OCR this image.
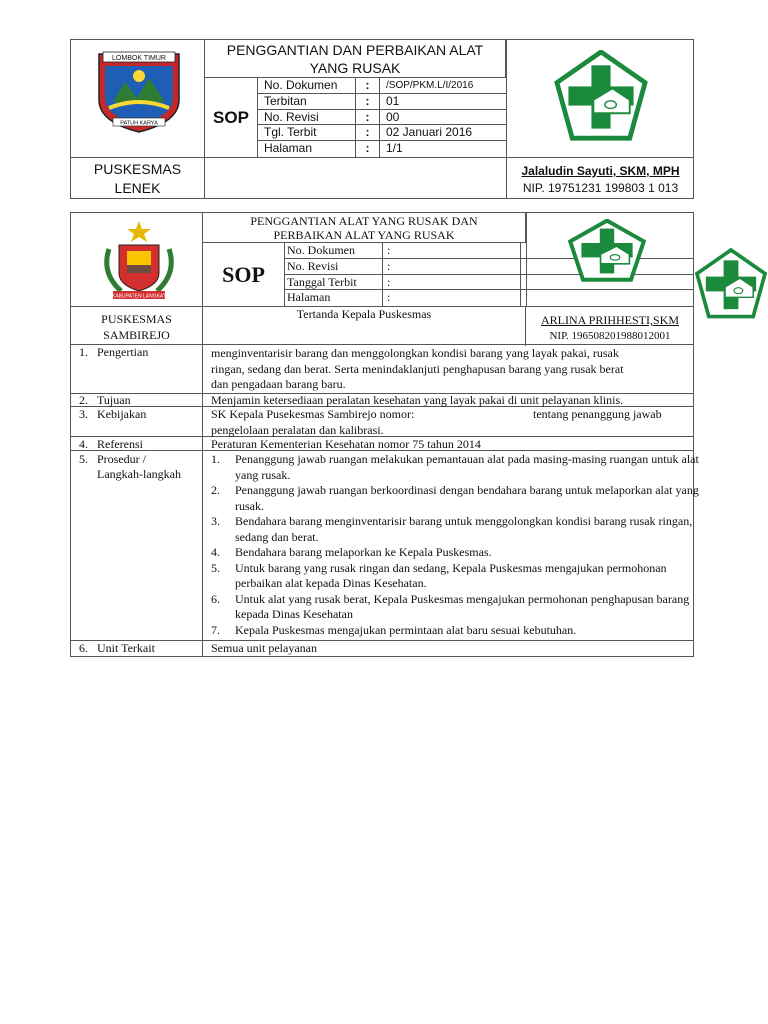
LOMBOK TIMUR
PATUH KARYA
PENGGANTIAN DAN PERBAIKAN ALAT
YANG RUSAK
SOP
No. Dokumen	:	/SOP/PKM.L/I/2016
Terbitan	:	01
No. Revisi	:	00
Tgl. Terbit	:	02 Januari 2016
Halaman	:	1/1
PUSKESMAS
LENEK
Jalaludin Sayuti, SKM, MPH
NIP. 19751231 199803 1 013
KABUPATEN LANGKAT
PENGGANTIAN ALAT YANG RUSAK DAN
PERBAIKAN ALAT YANG RUSAK
SOP
No. Dokumen	:
No. Revisi	:
Tanggal Terbit	:
Halaman	:
PUSKESMAS
SAMBIREJO
Tertanda Kepala Puskesmas	ARLINA PRIHHESTI,SKM
NIP. 196508201988012001
1. Pengertian	menginventarisir barang dan menggolongkan kondisi barang yang layak pakai, rusak
ringan, sedang dan berat. Serta menindaklanjuti penghapusan barang yang rusak berat
dan pengadaan barang baru.
2. Tujuan	Menjamin ketersediaan peralatan kesehatan yang layak pakai di unit pelayanan klinis.
3. Kebijakan	SK Kepala Pusekesmas Sambirejo nomor:	tentang penanggung jawab
pengelolaan peralatan dan kalibrasi.
4. Referensi	Peraturan Kementerian Kesehatan nomor 75 tahun 2014
5. Prosedur /
Langkah-langkah
1.	Penanggung jawab ruangan melakukan pemantauan alat pada masing-masing ruangan untuk alat
yang rusak.
2.	Penanggung jawab ruangan berkoordinasi dengan bendahara barang untuk melaporkan alat yang
rusak.
3.	Bendahara barang menginventarisir barang untuk menggolongkan kondisi barang rusak ringan,
sedang dan berat.
4.	Bendahara barang melaporkan ke Kepala Puskesmas.
5.	Untuk barang yang rusak ringan dan sedang, Kepala Puskesmas mengajukan permohonan
perbaikan alat kepada Dinas Kesehatan.
6.	Untuk alat yang rusak berat, Kepala Puskesmas mengajukan permohonan penghapusan barang
kepada Dinas Kesehatan
7.	Kepala Puskesmas mengajukan permintaan alat baru sesuai kebutuhan.
6. Unit Terkait	Semua unit pelayanan
